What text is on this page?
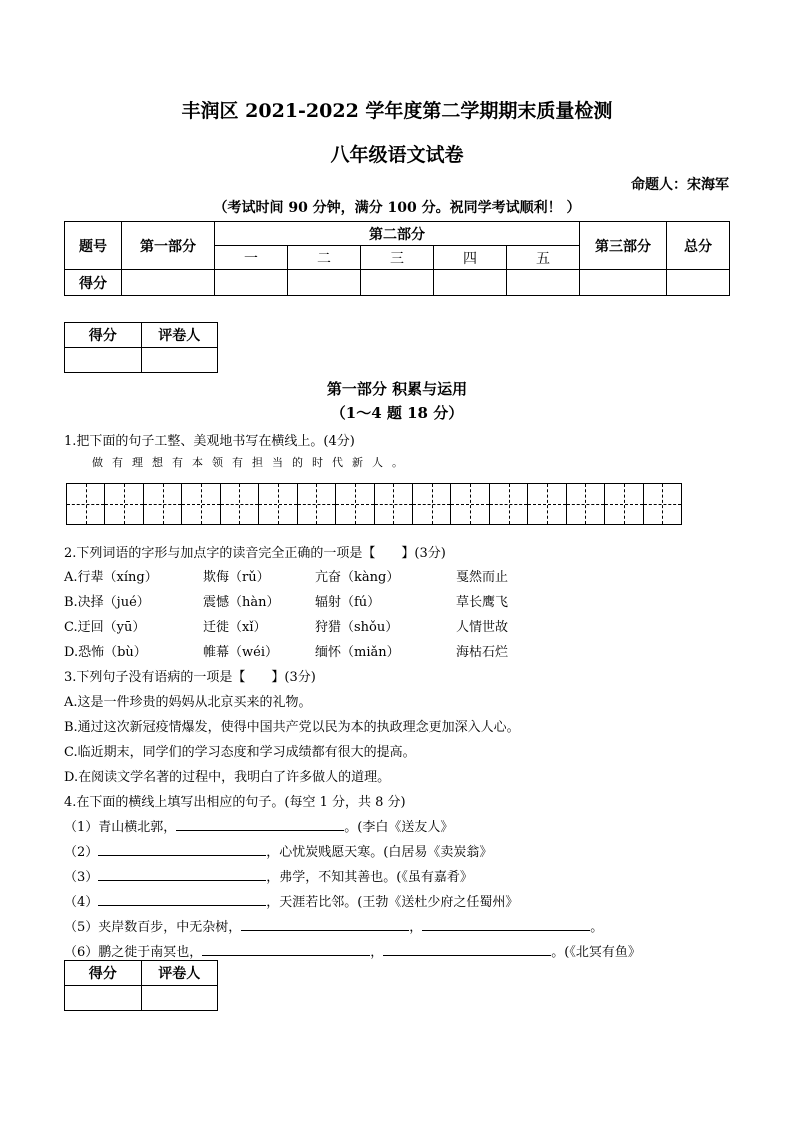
丰润区 2021-2022 学年度第二学期期末质量检测
八年级语文试卷
命题人：宋海军
（考试时间 90 分钟，满分 100 分。祝同学考试顺利！ ）
题号	第一部分	第二部分					第三部分	总分
		一	二	三	四	五		
得分								
得分	评卷人

第一部分 积累与运用
（1～4 题 18 分）
1.把下面的句子工整、美观地书写在横线上。(4分)
做有理想有本领有担当的时代新人。
2.下列词语的字形与加点字的读音完全正确的一项是【　　】(3分)
A.行辈（xíng）	欺侮（rǔ）	亢奋（kàng）	戛然而止
B.决择（jué）	震憾（hàn）	辐射（fú）	草长鹰飞
C.迂回（yū）	迁徙（xǐ）	狩猎（shǒu）	人情世故
D.恐怖（bù）	帷幕（wéi）	缅怀（miǎn）	海枯石烂
3.下列句子没有语病的一项是【　　】(3分)
A.这是一件珍贵的妈妈从北京买来的礼物。
B.通过这次新冠疫情爆发，使得中国共产党以民为本的执政理念更加深入人心。
C.临近期末，同学们的学习态度和学习成绩都有很大的提高。
D.在阅读文学名著的过程中，我明白了许多做人的道理。
4.在下面的横线上填写出相应的句子。(每空 1 分，共 8 分)
（1）青山横北郭，	。(李白《送友人》
（2）	，心忧炭贱愿天寒。(白居易《卖炭翁》
（3）	，弗学，不知其善也。(《虽有嘉肴》
（4）	，天涯若比邻。(王勃《送杜少府之任蜀州》
（5）夹岸数百步，中无杂树，	，	。
（6）鹏之徙于南冥也，	，	。(《北冥有鱼》
得分	评卷人
